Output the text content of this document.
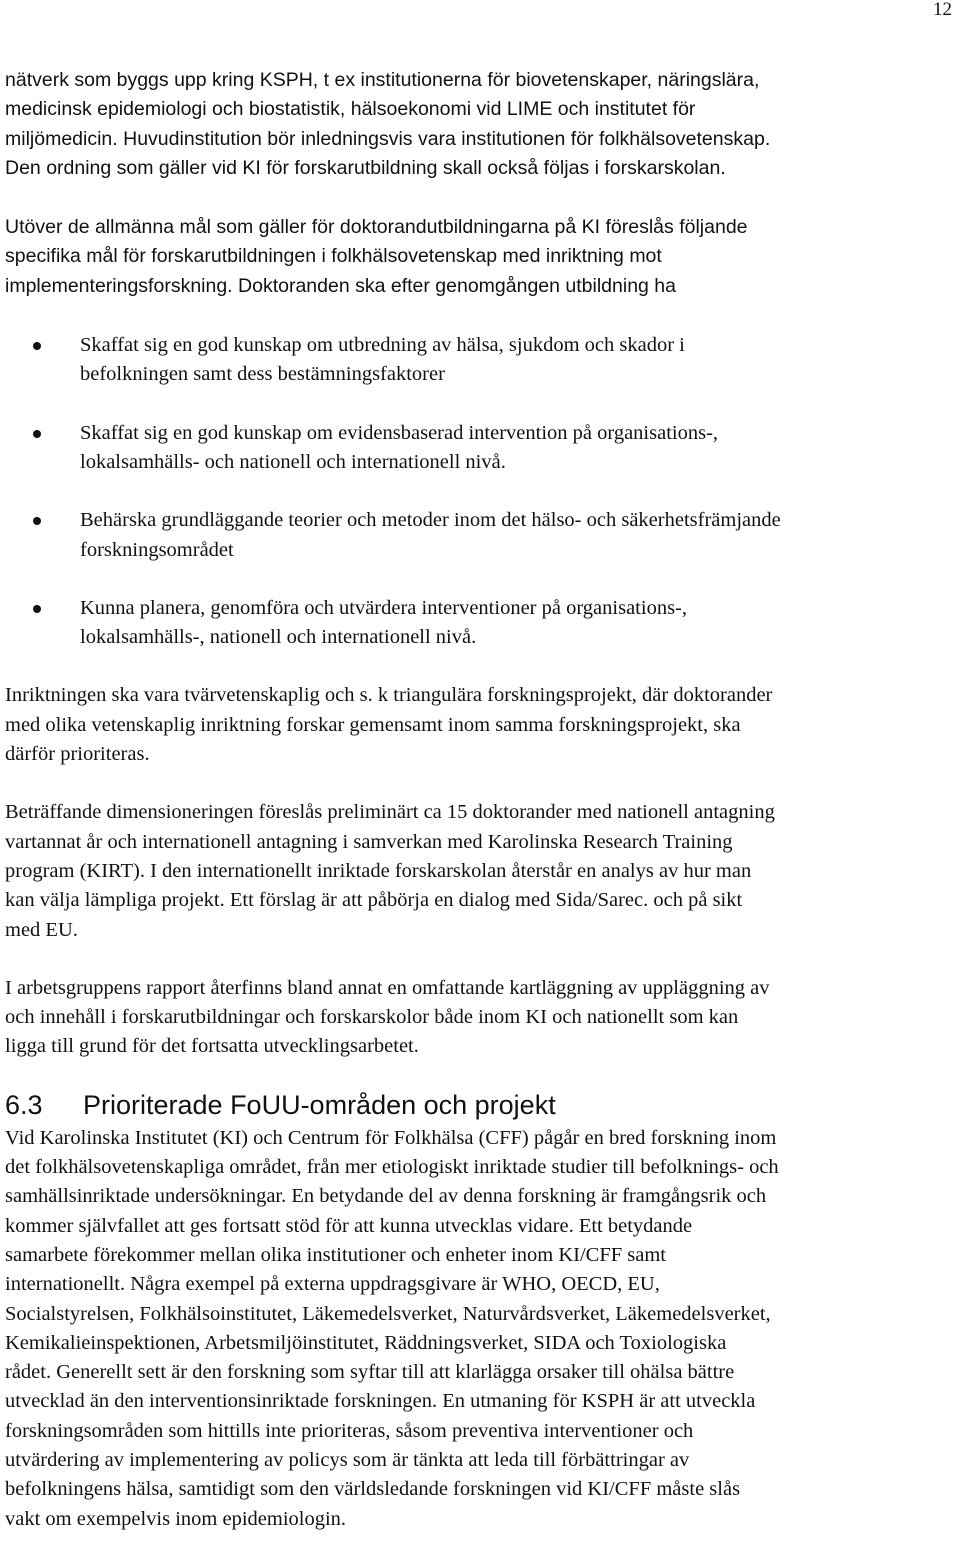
12

nätverk som byggs upp kring KSPH, t ex institutionerna för biovetenskaper, näringslära,
medicinsk epidemiologi och biostatistik, hälsoekonomi vid LIME och institutet för
miljömedicin. Huvudinstitution bör inledningsvis vara institutionen för folkhälsovetenskap.
Den ordning som gäller vid KI för forskarutbildning skall också följas i forskarskolan.

Utöver de allmänna mål som gäller för doktorandutbildningarna på KI föreslås följande
specifika mål för forskarutbildningen i folkhälsovetenskap med inriktning mot
implementeringsforskning. Doktoranden ska efter genomgången utbildning ha

Skaffat sig en god kunskap om utbredning av hälsa, sjukdom och skador i
befolkningen samt dess bestämningsfaktorer
Skaffat sig en god kunskap om evidensbaserad intervention på organisations-,
lokalsamhälls- och nationell och internationell nivå.
Behärska grundläggande teorier och metoder inom det hälso- och säkerhetsfrämjande
forskningsområdet
Kunna planera, genomföra och utvärdera interventioner på organisations-,
lokalsamhälls-, nationell och internationell nivå.

Inriktningen ska vara tvärvetenskaplig och s. k triangulära forskningsprojekt, där doktorander
med olika vetenskaplig inriktning forskar gemensamt inom samma forskningsprojekt, ska
därför prioriteras.

Beträffande dimensioneringen föreslås preliminärt ca 15 doktorander med nationell antagning
vartannat år och internationell antagning i samverkan med Karolinska Research Training
program (KIRT). I den internationellt inriktade forskarskolan återstår en analys av hur man
kan välja lämpliga projekt. Ett förslag är att påbörja en dialog med Sida/Sarec. och på sikt
med EU.

I arbetsgruppens rapport återfinns bland annat en omfattande kartläggning av uppläggning av
och innehåll i forskarutbildningar och forskarskolor både inom KI och nationellt som kan
ligga till grund för det fortsatta utvecklingsarbetet.

6.3 Prioriterade FoUU-områden och projekt

Vid Karolinska Institutet (KI) och Centrum för Folkhälsa (CFF) pågår en bred forskning inom
det folkhälsovetenskapliga området, från mer etiologiskt inriktade studier till befolknings- och
samhällsinriktade undersökningar. En betydande del av denna forskning är framgångsrik och
kommer självfallet att ges fortsatt stöd för att kunna utvecklas vidare. Ett betydande
samarbete förekommer mellan olika institutioner och enheter inom KI/CFF samt
internationellt. Några exempel på externa uppdragsgivare är WHO, OECD, EU,
Socialstyrelsen, Folkhälsoinstitutet, Läkemedelsverket, Naturvårdsverket, Läkemedelsverket,
Kemikalieinspektionen, Arbetsmiljöinstitutet, Räddningsverket, SIDA och Toxiologiska
rådet. Generellt sett är den forskning som syftar till att klarlägga orsaker till ohälsa bättre
utvecklad än den interventionsinriktade forskningen. En utmaning för KSPH är att utveckla
forskningsområden som hittills inte prioriteras, såsom preventiva interventioner och
utvärdering av implementering av policys som är tänkta att leda till förbättringar av
befolkningens hälsa, samtidigt som den världsledande forskningen vid KI/CFF måste slås
vakt om exempelvis inom epidemiologin.
